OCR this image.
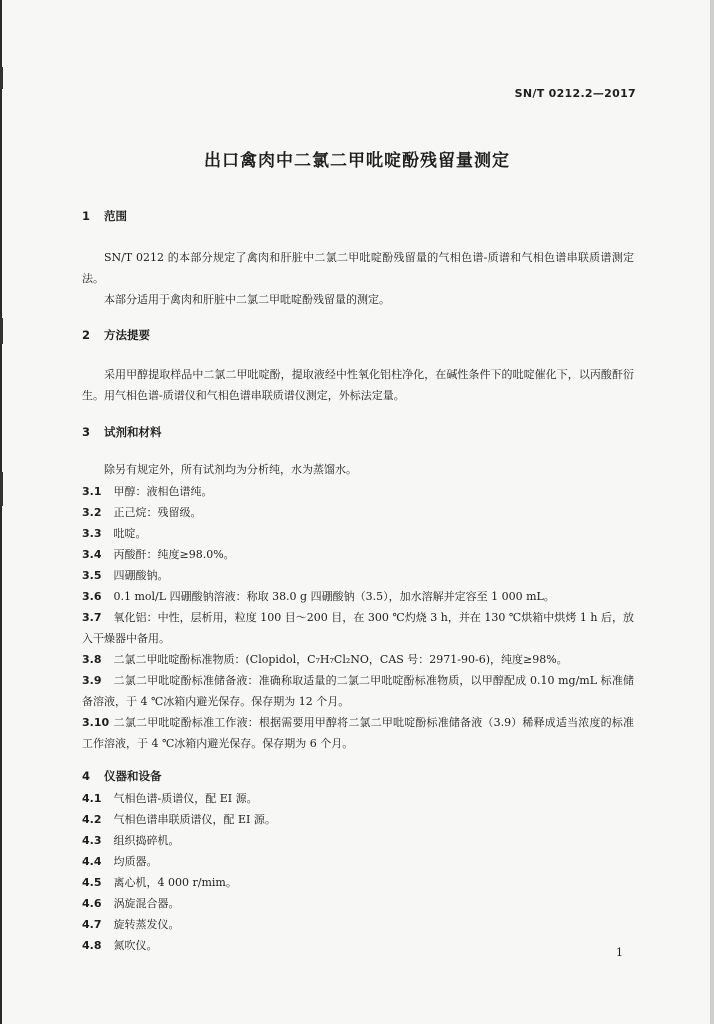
SN/T 0212.2—2017
出口禽肉中二氯二甲吡啶酚残留量测定
1 范围
SN/T 0212 的本部分规定了禽肉和肝脏中二氯二甲吡啶酚残留量的气相色谱-质谱和气相色谱串联质谱测定法。
本部分适用于禽肉和肝脏中二氯二甲吡啶酚残留量的测定。
2 方法提要
采用甲醇提取样品中二氯二甲吡啶酚，提取液经中性氧化铝柱净化，在碱性条件下的吡啶催化下，以丙酸酐衍生。用气相色谱-质谱仪和气相色谱串联质谱仪测定，外标法定量。
3 试剂和材料
除另有规定外，所有试剂均为分析纯，水为蒸馏水。
3.1 甲醇：液相色谱纯。
3.2 正己烷：残留级。
3.3 吡啶。
3.4 丙酸酐：纯度≥98.0%。
3.5 四硼酸钠。
3.6 0.1 mol/L 四硼酸钠溶液：称取 38.0 g 四硼酸钠（3.5），加水溶解并定容至 1 000 mL。
3.7 氧化铝：中性，层析用，粒度 100 目～200 目，在 300 ℃灼烧 3 h，并在 130 ℃烘箱中烘烤 1 h 后，放入干燥器中备用。
3.8 二氯二甲吡啶酚标准物质：(Clopidol，C₇H₇Cl₂NO，CAS 号：2971-90-6)，纯度≥98%。
3.9 二氯二甲吡啶酚标准储备液：准确称取适量的二氯二甲吡啶酚标准物质，以甲醇配成 0.10 mg/mL 标准储备溶液，于 4 ℃冰箱内避光保存。保存期为 12 个月。
3.10 二氯二甲吡啶酚标准工作液：根据需要用甲醇将二氯二甲吡啶酚标准储备液（3.9）稀释成适当浓度的标准工作溶液，于 4 ℃冰箱内避光保存。保存期为 6 个月。
4 仪器和设备
4.1 气相色谱-质谱仪，配 EI 源。
4.2 气相色谱串联质谱仪，配 EI 源。
4.3 组织捣碎机。
4.4 均质器。
4.5 离心机，4 000 r/mim。
4.6 涡旋混合器。
4.7 旋转蒸发仪。
4.8 氮吹仪。
1
